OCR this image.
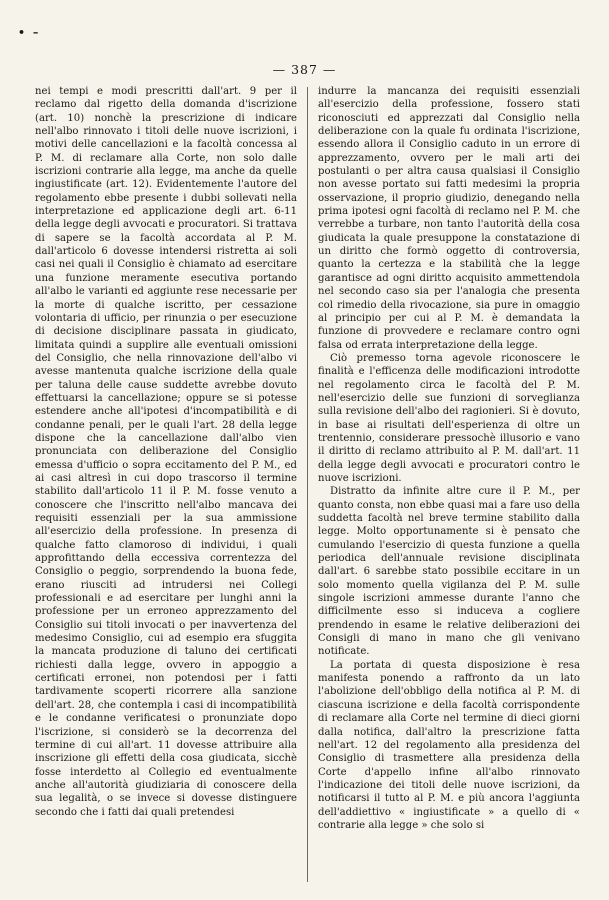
• –
— 387 —

nei tempi e modi prescritti dall'art. 9 per il reclamo dal rigetto della domanda d'iscrizione (art. 10) nonchè la prescrizione di indicare nell'albo rinnovato i titoli delle nuove iscrizioni, i motivi delle cancellazioni e la facoltà concessa al P. M. di reclamare alla Corte, non solo dalle iscrizioni contrarie alla legge, ma anche da quelle ingiustificate (art. 12). Evidentemente l'autore del regolamento ebbe presente i dubbi sollevati nella interpretazione ed applicazione degli art. 6-11 della legge degli avvocati e procuratori. Si trattava di sapere se la facoltà accordata al P. M. dall'articolo 6 dovesse intendersi ristretta ai soli casi nei quali il Consiglio è chiamato ad esercitare una funzione meramente esecutiva portando all'albo le varianti ed aggiunte rese necessarie per la morte di qualche iscritto, per cessazione volontaria di ufficio, per rinunzia o per esecuzione di decisione disciplinare passata in giudicato, limitata quindi a supplire alle eventuali omissioni del Consiglio, che nella rinnovazione dell'albo vi avesse mantenuta qualche iscrizione della quale per taluna delle cause suddette avrebbe dovuto effettuarsi la cancellazione; oppure se si potesse estendere anche all'ipotesi d'incompatibilità e di condanne penali, per le quali l'art. 28 della legge dispone che la cancellazione dall'albo vien pronunciata con deliberazione del Consiglio emessa d'ufficio o sopra eccitamento del P. M., ed ai casi altresì in cui dopo trascorso il termine stabilito dall'articolo 11 il P. M. fosse venuto a conoscere che l'inscritto nell'albo mancava dei requisiti essenziali per la sua ammissione all'esercizio della professione. In presenza di qualche fatto clamoroso di individui, i quali approfittando della eccessiva correntezza del Consiglio o peggio, sorprendendo la buona fede, erano riusciti ad intrudersi nei Collegi professionali e ad esercitare per lunghi anni la professione per un erroneo apprezzamento del Consiglio sui titoli invocati o per inavvertenza del medesimo Consiglio, cui ad esempio era sfuggita la mancata produzione di taluno dei certificati richiesti dalla legge, ovvero in appoggio a certificati erronei, non potendosi per i fatti tardivamente scoperti ricorrere alla sanzione dell'art. 28, che contempla i casi di incompatibilità e le condanne verificatesi o pronunziate dopo l'iscrizione, si considerò se la decorrenza del termine di cui all'art. 11 dovesse attribuire alla inscrizione gli effetti della cosa giudicata, sicchè fosse interdetto al Collegio ed eventualmente anche all'autorità giudiziaria di conoscere della sua legalità, o se invece si dovesse distinguere secondo che i fatti dai quali pretendesi

indurre la mancanza dei requisiti essenziali all'esercizio della professione, fossero stati riconosciuti ed apprezzati dal Consiglio nella deliberazione con la quale fu ordinata l'iscrizione, essendo allora il Consiglio caduto in un errore di apprezzamento, ovvero per le mali arti dei postulanti o per altra causa qualsiasi il Consiglio non avesse portato sui fatti medesimi la propria osservazione, il proprio giudizio, denegando nella prima ipotesi ogni facoltà di reclamo nel P. M. che verrebbe a turbare, non tanto l'autorità della cosa giudicata la quale presuppone la constatazione di un diritto che formò oggetto di controversia, quanto la certezza e la stabilità che la legge garantisce ad ogni diritto acquisito ammettendola nel secondo caso sia per l'analogia che presenta col rimedio della rivocazione, sia pure in omaggio al principio per cui al P. M. è demandata la funzione di provvedere e reclamare contro ogni falsa od errata interpretazione della legge.

Ciò premesso torna agevole riconoscere le finalità e l'efficenza delle modificazioni introdotte nel regolamento circa le facoltà del P. M. nell'esercizio delle sue funzioni di sorveglianza sulla revisione dell'albo dei ragionieri. Si è dovuto, in base ai risultati dell'esperienza di oltre un trentennio, considerare pressochè illusorio e vano il diritto di reclamo attribuito al P. M. dall'art. 11 della legge degli avvocati e procuratori contro le nuove iscrizioni.

Distratto da infinite altre cure il P. M., per quanto consta, non ebbe quasi mai a fare uso della suddetta facoltà nel breve termine stabilito dalla legge. Molto opportunamente si è pensato che cumulando l'esercizio di questa funzione a quella periodica dell'annuale revisione disciplinata dall'art. 6 sarebbe stato possibile eccitare in un solo momento quella vigilanza del P. M. sulle singole iscrizioni ammesse durante l'anno che difficilmente esso si induceva a cogliere prendendo in esame le relative deliberazioni dei Consigli di mano in mano che gli venivano notificate.

La portata di questa disposizione è resa manifesta ponendo a raffronto da un lato l'abolizione dell'obbligo della notifica al P. M. di ciascuna iscrizione e della facoltà corrispondente di reclamare alla Corte nel termine di dieci giorni dalla notifica, dall'altro la prescrizione fatta nell'art. 12 del regolamento alla presidenza del Consiglio di trasmettere alla presidenza della Corte d'appello infine all'albo rinnovato l'indicazione dei titoli delle nuove iscrizioni, da notificarsi il tutto al P. M. e più ancora l'aggiunta dell'addiettivo « ingiustificate » a quello di « contrarie alla legge » che solo si
